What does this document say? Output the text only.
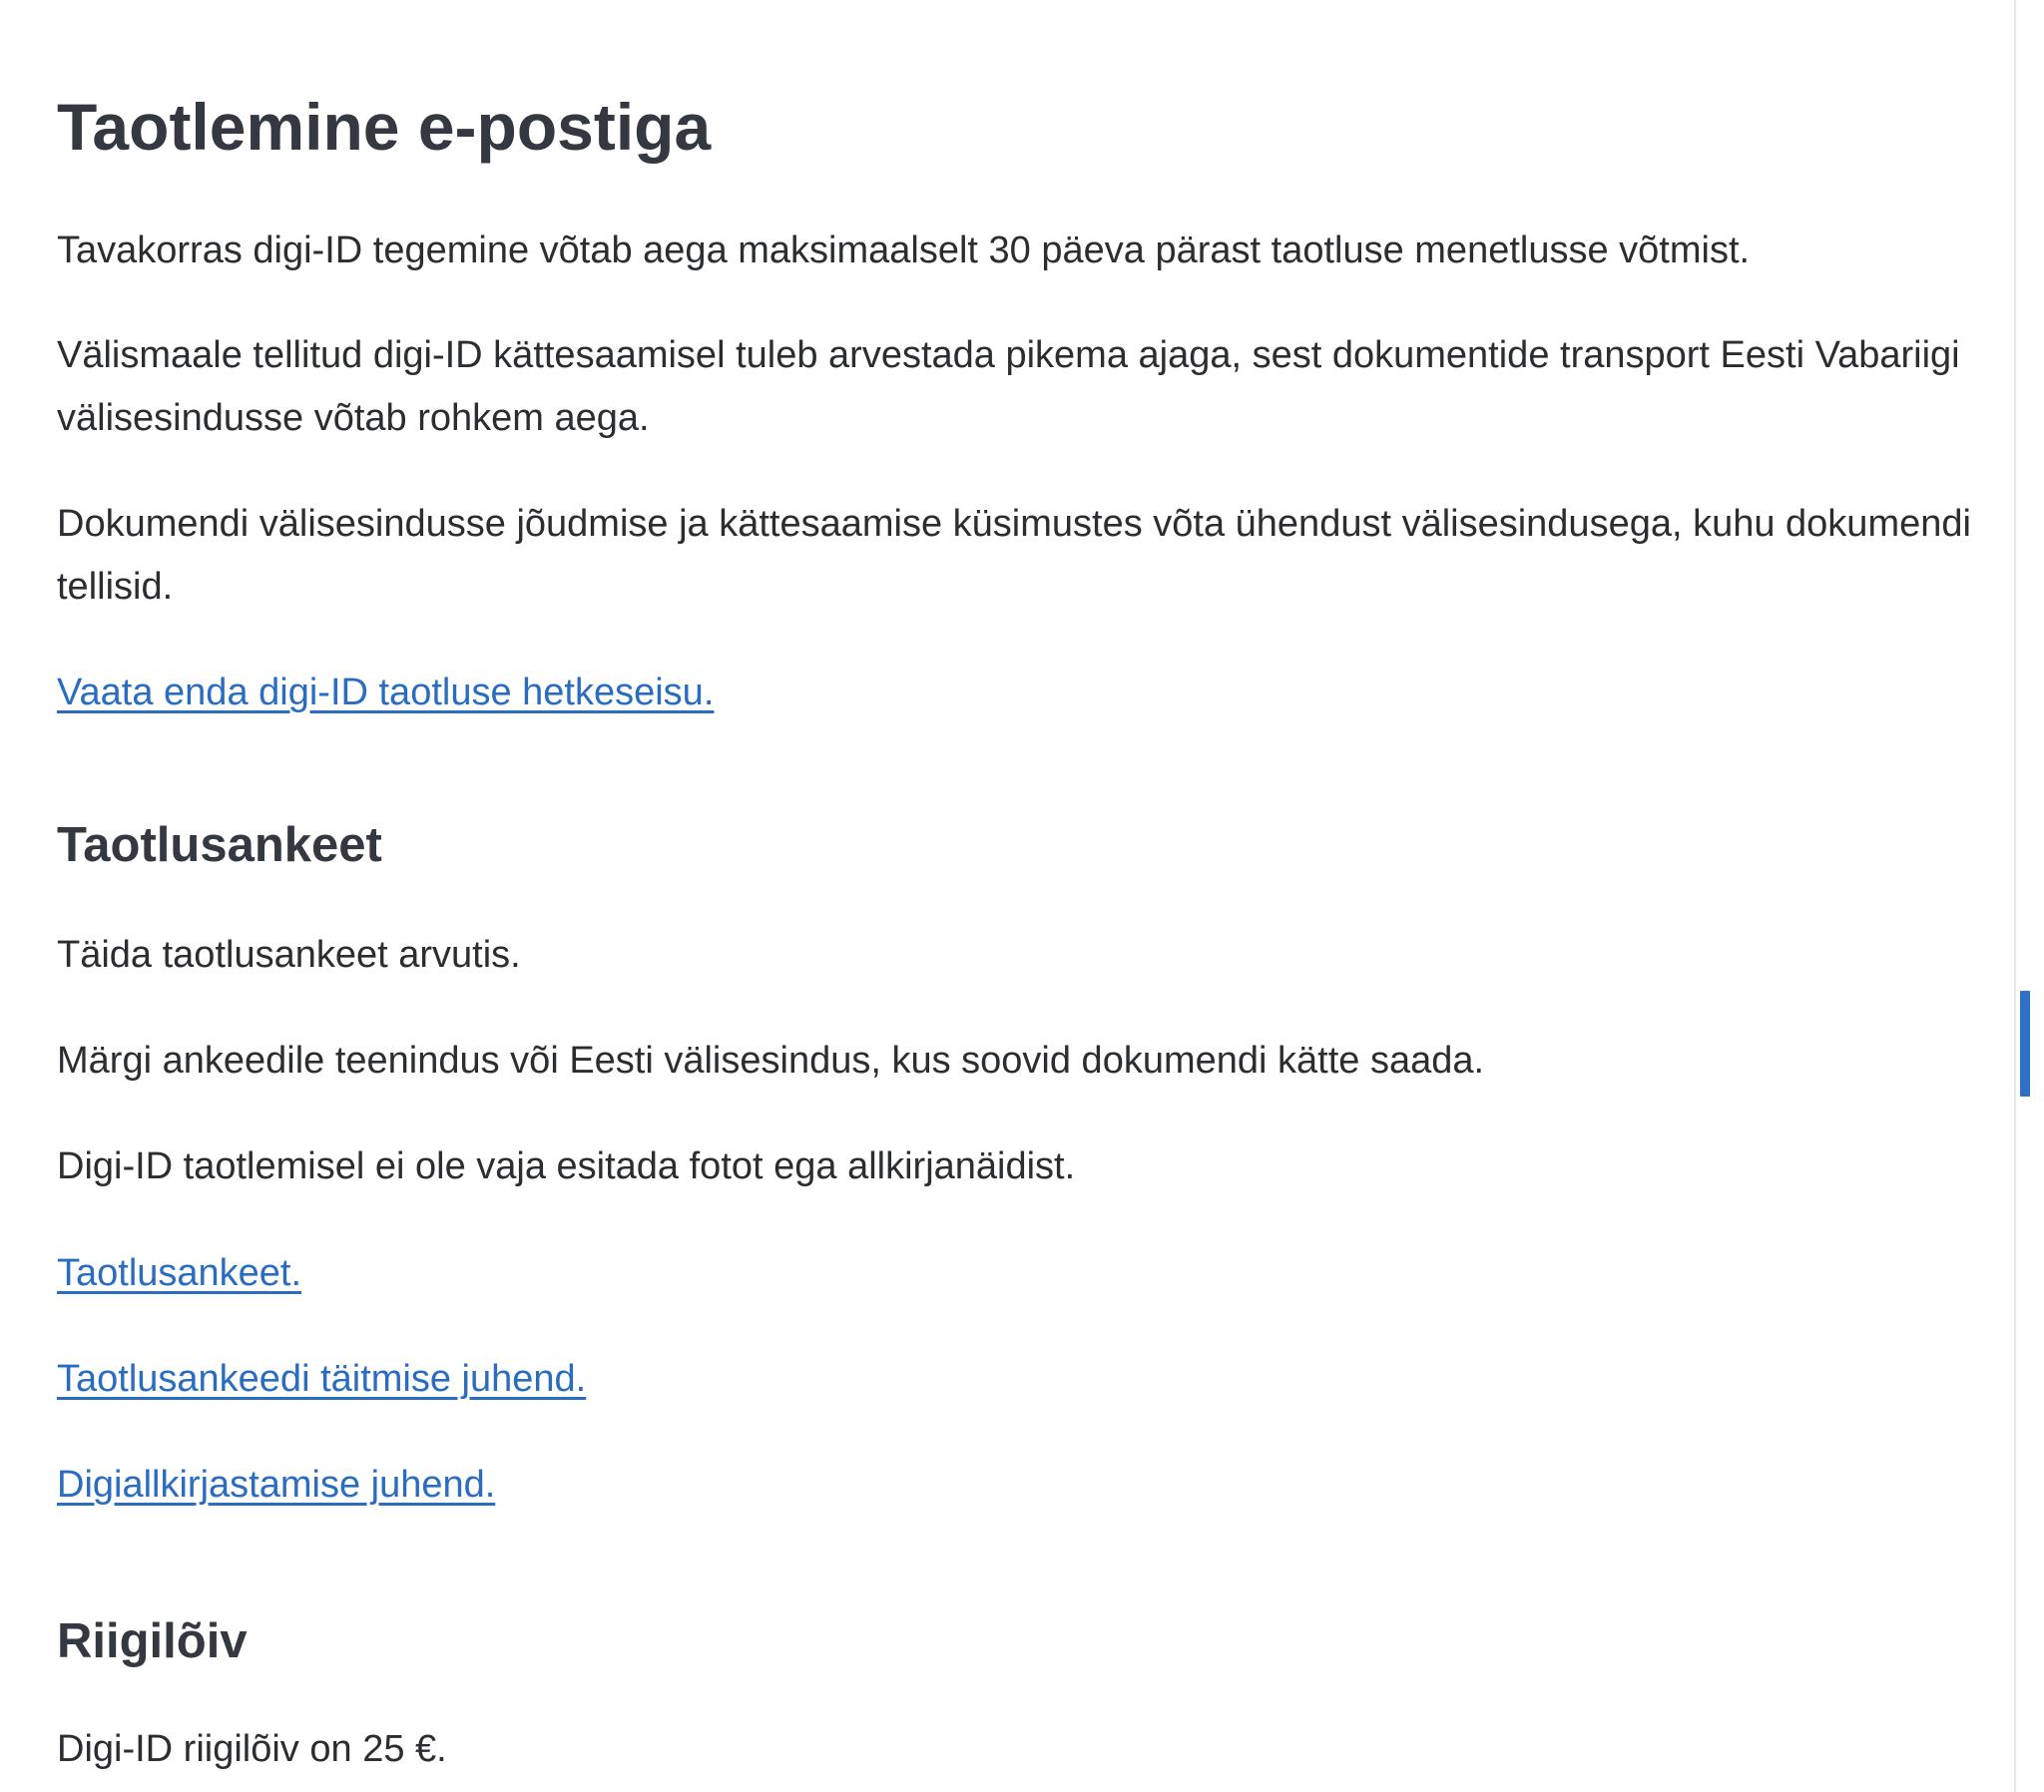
Taotlemine e-postiga

Tavakorras digi-ID tegemine võtab aega maksimaalselt 30 päeva pärast taotluse menetlusse võtmist.

Välismaale tellitud digi-ID kättesaamisel tuleb arvestada pikema ajaga, sest dokumentide transport Eesti Vabariigi välisesindusse võtab rohkem aega.

Dokumendi välisesindusse jõudmise ja kättesaamise küsimustes võta ühendust välisesindusega, kuhu dokumendi tellisid.

Vaata enda digi-ID taotluse hetkeseisu.
Taotlusankeet

Täida taotlusankeet arvutis.

Märgi ankeedile teenindus või Eesti välisesindus, kus soovid dokumendi kätte saada.

Digi-ID taotlemisel ei ole vaja esitada fotot ega allkirjanäidist.

Taotlusankeet.
Taotlusankeedi täitmise juhend.
Digiallkirjastamise juhend.
Riigilõiv

Digi-ID riigilõiv on 25 €.
